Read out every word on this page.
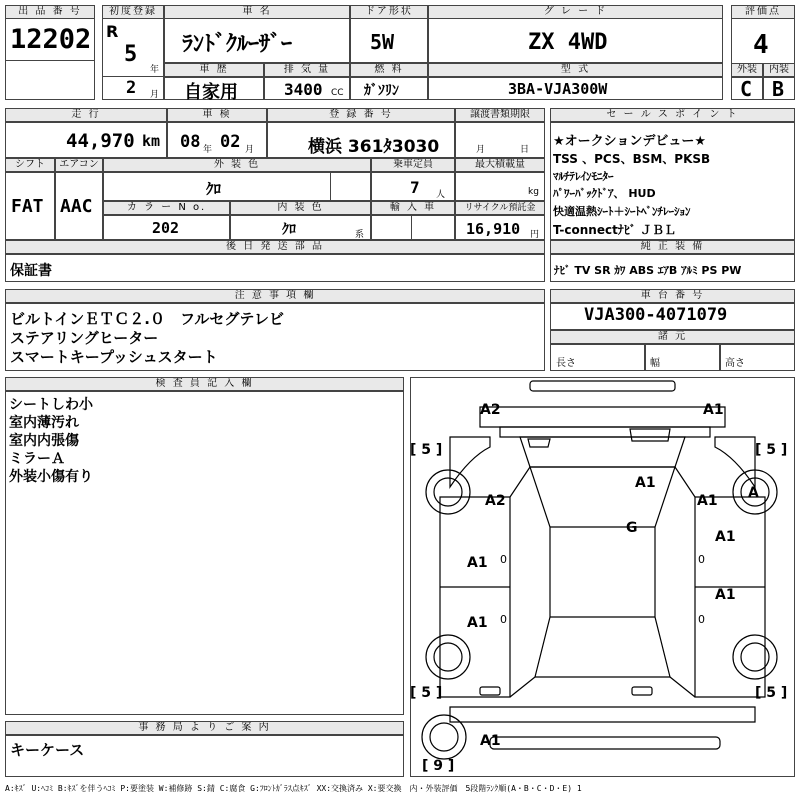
出 品 番 号
12202
初度登録
R
5
年
2 月
車 名
ﾗﾝﾄﾞｸﾙｰｻﾞｰ
ドア形状
5W
グ レ ー ド
ZX 4WD
評価点
4
外装	内装
C B
車 歴
自家用
排 気 量
3400 CC
燃 料
ｶﾞｿﾘﾝ
型 式
3BA-VJA300W
走 行
44,970 km
車 検
08 年 02 月
登 録 番 号
横浜 361ﾀ3030
譲渡書類期限
月	日
シフト
FAT
エアコン
AAC
外 装 色
ｸﾛ
乗車定員
7 人
最大積載量
kg
カ ラ ー N o.
202
内 装 色
ｸﾛ	系
輸 入 車	リサイクル預託金
16,910 円
セ ー ル ス ポ イ ン ト
★オークションデビュー★
TSS 、PCS、BSM、PKSB
ﾏﾙﾁﾃﾚｲﾝﾓﾆﾀｰ
ﾊﾟﾜｰﾊﾞｯｸﾄﾞｱ、 HUD
快適温熱ｼｰﾄ＋ｼｰﾄﾍﾞﾝﾁﾚｰｼｮﾝ
T-connectﾅﾋﾞ ＪＢＬ
後 日 発 送 部 品
保証書
純 正 装 備
ﾅﾋﾞ TV SR ｶﾜ ABS ｴｱB ｱﾙﾐ PS PW
注 意 事 項 欄
ビルトインＥＴＣ２.０　フルセグテレビ
ステアリングヒーター
スマートキープッシュスタート
車 台 番 号
VJA300-4071079
諸 元
長さ	幅	高さ
検 査 員 記 入 欄
シートしわ小
室内薄汚れ
室内内張傷
ミラーＡ
外装小傷有り
事 務 局 よ り ご 案 内
キーケース
[ 5 ]	[ 5 ]
[ 5 ]	[ 5 ]
[ 9 ]
A2	A1
A2
A1
A1 A
G
A1
A1
A1
A1
A1
0	0
0	0
A:ｷｽﾞ U:ﾍｺﾐ B:ｷｽﾞを伴うﾍｺﾐ P:要塗装 W:補修跡 S:錆 C:腐食 G:ﾌﾛﾝﾄｶﾞﾗｽ点ｷｽﾞ XX:交換済み X:要交換　内・外装評価　5段階ﾗﾝｸ順(A・B・C・D・E) 1
